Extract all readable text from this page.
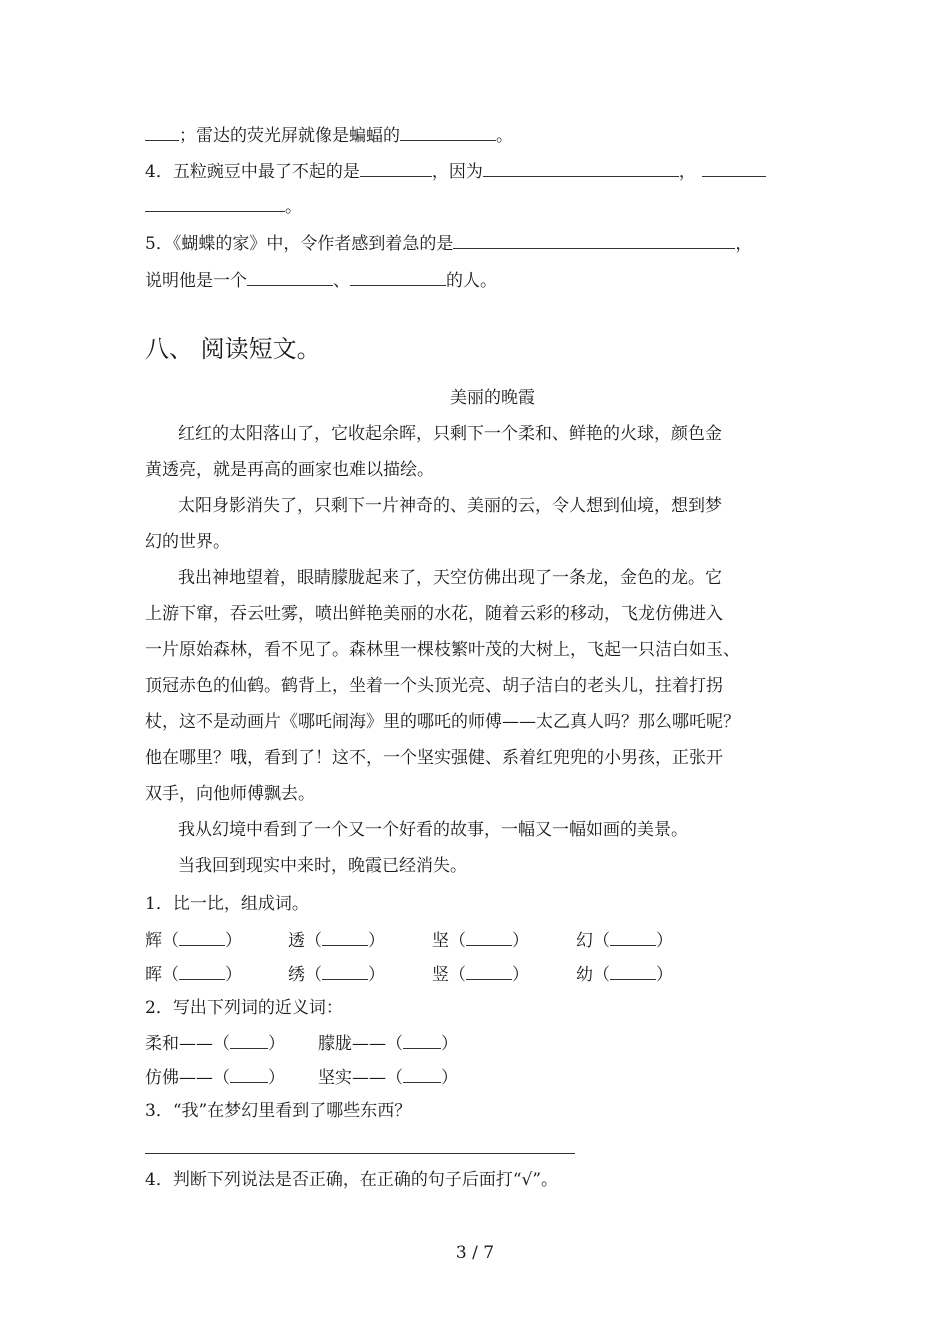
；雷达的荧光屏就像是蝙蝠的	。
4．五粒豌豆中最了不起的是	，因为	，
。
5．《蝴蝶的家》中，令作者感到着急的是	，
说明他是一个	、	的人。
八、 阅读短文。
美丽的晚霞
红红的太阳落山了，它收起余晖，只剩下一个柔和、鲜艳的火球，颜色金
黄透亮，就是再高的画家也难以描绘。
太阳身影消失了，只剩下一片神奇的、美丽的云，令人想到仙境，想到梦
幻的世界。
我出神地望着，眼睛朦胧起来了，天空仿佛出现了一条龙，金色的龙。它
上游下窜，吞云吐雾，喷出鲜艳美丽的水花，随着云彩的移动，飞龙仿佛进入
一片原始森林，看不见了。森林里一棵枝繁叶茂的大树上，飞起一只洁白如玉、
顶冠赤色的仙鹤。鹤背上，坐着一个头顶光亮、胡子洁白的老头儿，拄着打拐
杖，这不是动画片《哪吒闹海》里的哪吒的师傅——太乙真人吗？那么哪吒呢？
他在哪里？哦，看到了！这不，一个坚实强健、系着红兜兜的小男孩，正张开
双手，向他师傅飘去。
我从幻境中看到了一个又一个好看的故事，一幅又一幅如画的美景。
当我回到现实中来时，晚霞已经消失。
1．比一比，组成词。
辉（	）	透（	）	坚（	）	幻（	）
晖（	）	绣（	）	竖（	）	幼（	）
2．写出下列词的近义词：
柔和——（ ） 朦胧——（ ）
仿佛——（ ） 坚实——（ ）
3．“我”在梦幻里看到了哪些东西？
4．判断下列说法是否正确，在正确的句子后面打“√”。
3 / 7
